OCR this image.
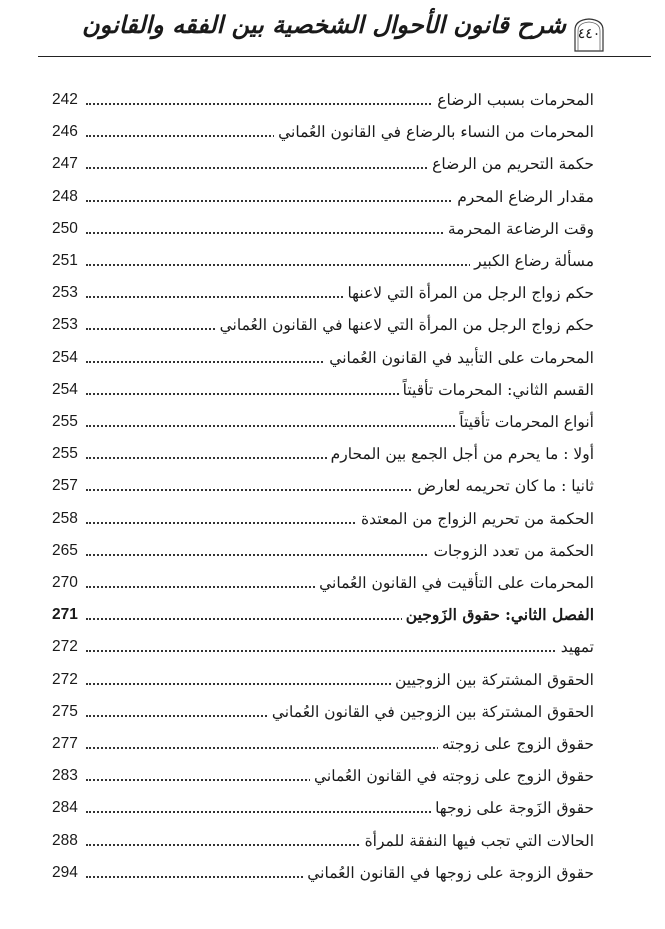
٤٤٠
شرح قانون الأحوال الشخصية بين الفقه والقانون
المحرمات بسبب الرضاع
242
المحرمات من النساء بالرضاع في القانون العُماني
246
حكمة التحريم من الرضاع
247
مقدار الرضاع المحرم
248
وقت الرضاعة المحرمة
250
مسألة رضاع الكبير
251
حكم زواج الرجل من المرأة التي لاعنها
253
حكم زواج الرجل من المرأة التي لاعنها في القانون العُماني
253
المحرمات على التأبيد في القانون العُماني
254
القسم الثاني: المحرمات تأقيتاً
254
أنواع المحرمات تأقيتاً
255
أولا : ما يحرم من أجل الجمع بين المحارم
255
ثانيا : ما كان تحريمه لعارض
257
الحكمة من تحريم الزواج من المعتدة
258
الحكمة من تعدد الزوجات
265
المحرمات على التأقيت في القانون العُماني
270
الفصل الثاني: حقوق الزَوجين
271
تمهيد
272
الحقوق المشتركة بين الزوجيين
272
الحقوق المشتركة بين الزوجين في القانون العُماني
275
حقوق الزوج على زوجته
277
حقوق الزوج على زوجته في القانون العُماني
283
حقوق الزَوجة على زوجها
284
الحالات التي تجب فيها النفقة للمرأة
288
حقوق الزوجة على زوجها في القانون العُماني
294
